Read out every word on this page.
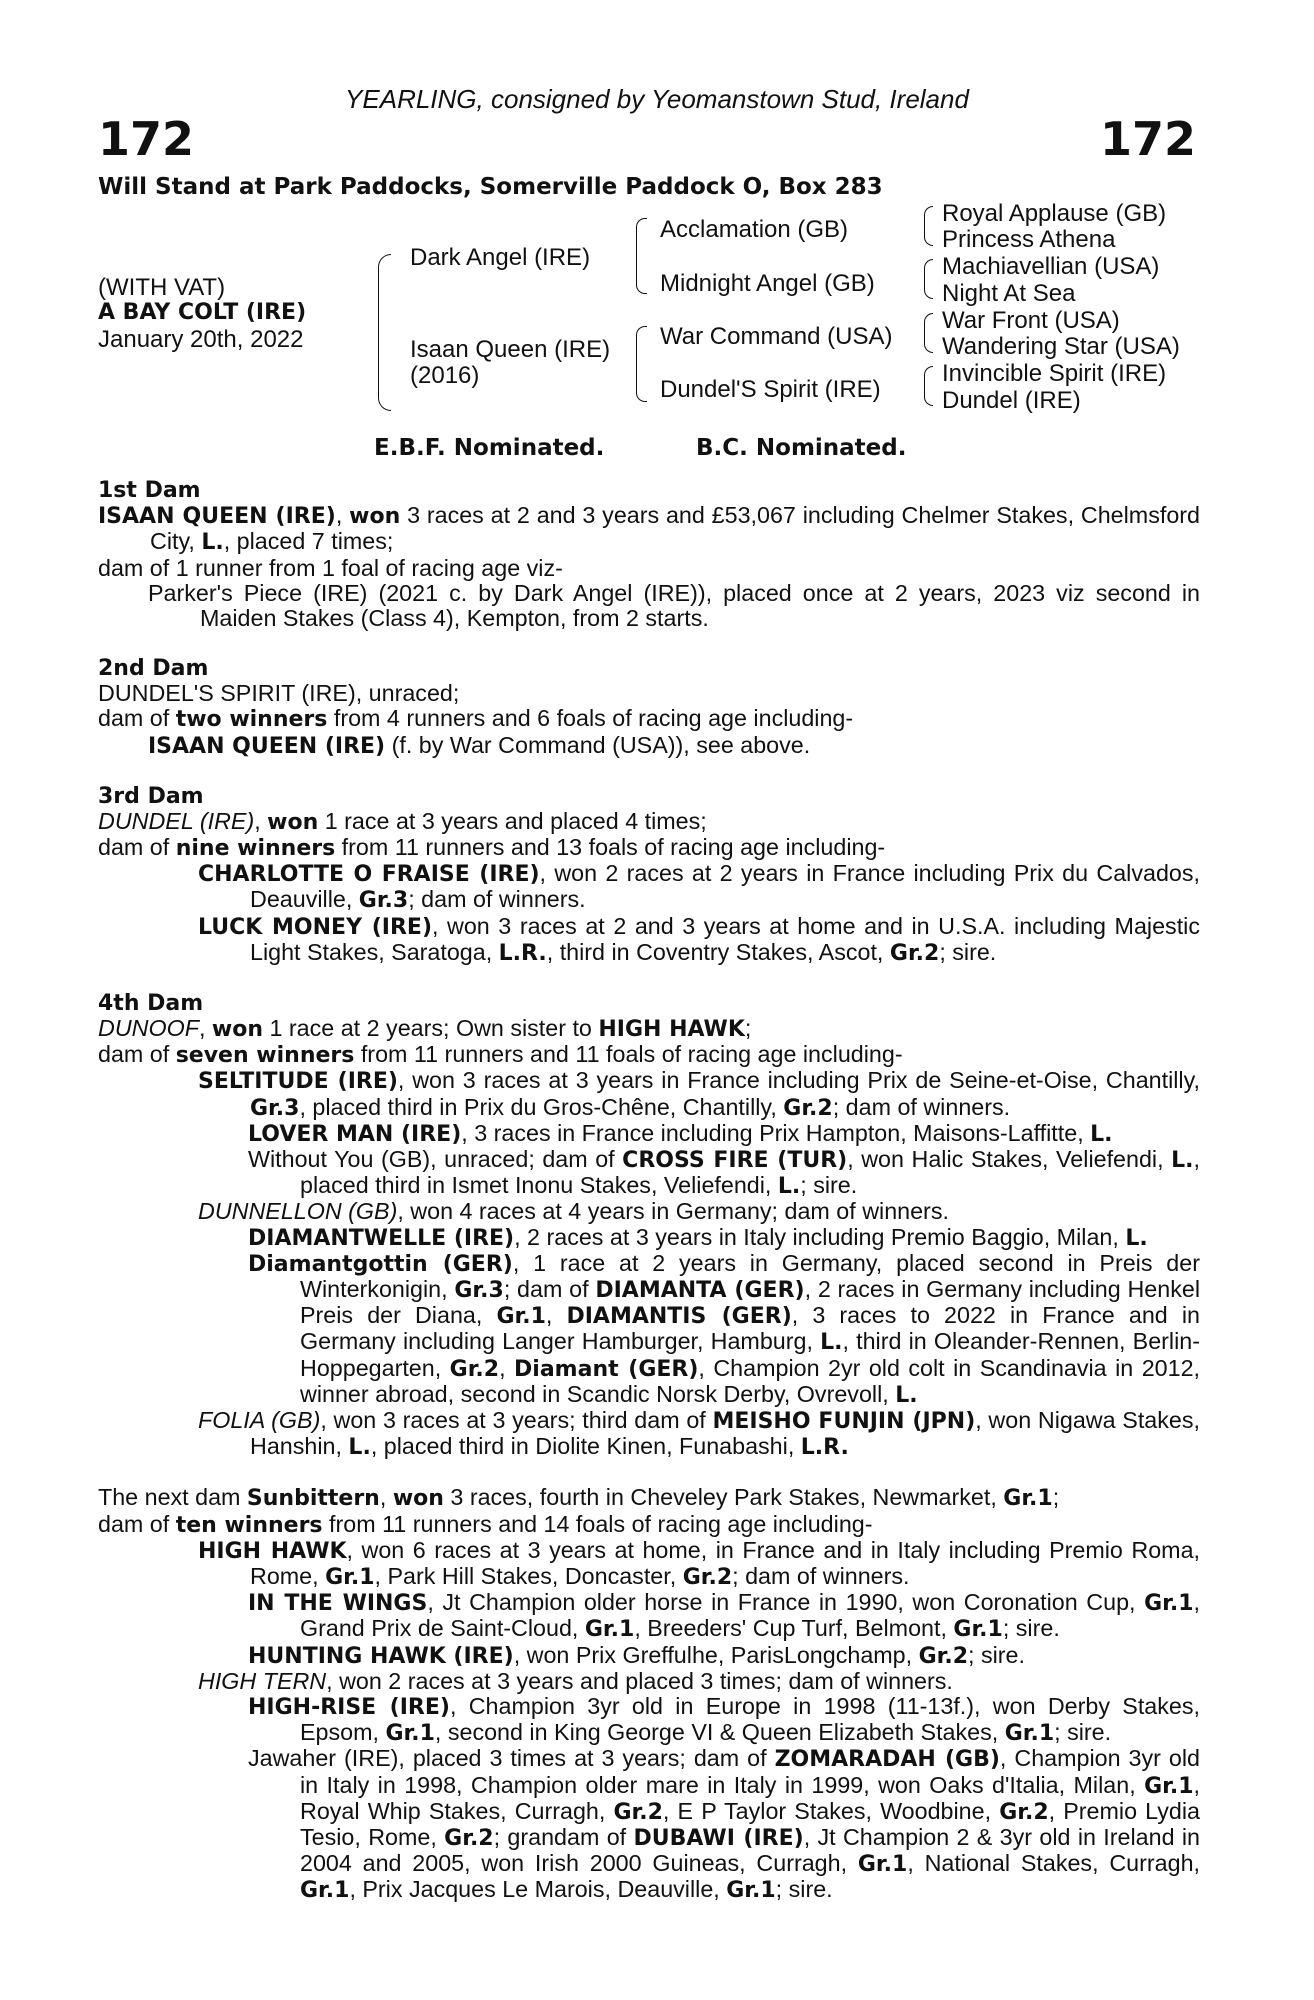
YEARLING, consigned by Yeomanstown Stud, Ireland
172	172
Will Stand at Park Paddocks, Somerville Paddock O, Box 283
(WITH VAT)
A BAY COLT (IRE)
January 20th, 2022
Dark Angel (IRE)
Isaan Queen (IRE)
(2016)
Acclamation (GB)
Midnight Angel (GB)
War Command (USA)
Dundel'S Spirit (IRE)
Royal Applause (GB)
Princess Athena
Machiavellian (USA)
Night At Sea
War Front (USA)
Wandering Star (USA)
Invincible Spirit (IRE)
Dundel (IRE)
E.B.F. Nominated.	B.C. Nominated.
1st Dam
ISAAN QUEEN (IRE), won 3 races at 2 and 3 years and £53,067 including Chelmer Stakes, Chelmsford City, L., placed 7 times;
dam of 1 runner from 1 foal of racing age viz-
Parker's Piece (IRE) (2021 c. by Dark Angel (IRE)), placed once at 2 years, 2023 viz second in Maiden Stakes (Class 4), Kempton, from 2 starts.
2nd Dam
DUNDEL'S SPIRIT (IRE), unraced;
dam of two winners from 4 runners and 6 foals of racing age including-
ISAAN QUEEN (IRE) (f. by War Command (USA)), see above.
3rd Dam
DUNDEL (IRE), won 1 race at 3 years and placed 4 times;
dam of nine winners from 11 runners and 13 foals of racing age including-
CHARLOTTE O FRAISE (IRE), won 2 races at 2 years in France including Prix du Calvados, Deauville, Gr.3; dam of winners.
LUCK MONEY (IRE), won 3 races at 2 and 3 years at home and in U.S.A. including Majestic Light Stakes, Saratoga, L.R., third in Coventry Stakes, Ascot, Gr.2; sire.
4th Dam
DUNOOF, won 1 race at 2 years; Own sister to HIGH HAWK;
dam of seven winners from 11 runners and 11 foals of racing age including-
SELTITUDE (IRE), won 3 races at 3 years in France including Prix de Seine-et-Oise, Chantilly, Gr.3, placed third in Prix du Gros-Chêne, Chantilly, Gr.2; dam of winners.
LOVER MAN (IRE), 3 races in France including Prix Hampton, Maisons-Laffitte, L.
Without You (GB), unraced; dam of CROSS FIRE (TUR), won Halic Stakes, Veliefendi, L., placed third in Ismet Inonu Stakes, Veliefendi, L.; sire.
DUNNELLON (GB), won 4 races at 4 years in Germany; dam of winners.
DIAMANTWELLE (IRE), 2 races at 3 years in Italy including Premio Baggio, Milan, L.
Diamantgottin (GER), 1 race at 2 years in Germany, placed second in Preis der Winterkonigin, Gr.3; dam of DIAMANTA (GER), 2 races in Germany including Henkel Preis der Diana, Gr.1, DIAMANTIS (GER), 3 races to 2022 in France and in Germany including Langer Hamburger, Hamburg, L., third in Oleander-Rennen, Berlin-Hoppegarten, Gr.2, Diamant (GER), Champion 2yr old colt in Scandinavia in 2012, winner abroad, second in Scandic Norsk Derby, Ovrevoll, L.
FOLIA (GB), won 3 races at 3 years; third dam of MEISHO FUNJIN (JPN), won Nigawa Stakes, Hanshin, L., placed third in Diolite Kinen, Funabashi, L.R.
The next dam Sunbittern, won 3 races, fourth in Cheveley Park Stakes, Newmarket, Gr.1;
dam of ten winners from 11 runners and 14 foals of racing age including-
HIGH HAWK, won 6 races at 3 years at home, in France and in Italy including Premio Roma, Rome, Gr.1, Park Hill Stakes, Doncaster, Gr.2; dam of winners.
IN THE WINGS, Jt Champion older horse in France in 1990, won Coronation Cup, Gr.1, Grand Prix de Saint-Cloud, Gr.1, Breeders' Cup Turf, Belmont, Gr.1; sire.
HUNTING HAWK (IRE), won Prix Greffulhe, ParisLongchamp, Gr.2; sire.
HIGH TERN, won 2 races at 3 years and placed 3 times; dam of winners.
HIGH-RISE (IRE), Champion 3yr old in Europe in 1998 (11-13f.), won Derby Stakes, Epsom, Gr.1, second in King George VI & Queen Elizabeth Stakes, Gr.1; sire.
Jawaher (IRE), placed 3 times at 3 years; dam of ZOMARADAH (GB), Champion 3yr old in Italy in 1998, Champion older mare in Italy in 1999, won Oaks d'Italia, Milan, Gr.1, Royal Whip Stakes, Curragh, Gr.2, E P Taylor Stakes, Woodbine, Gr.2, Premio Lydia Tesio, Rome, Gr.2; grandam of DUBAWI (IRE), Jt Champion 2 & 3yr old in Ireland in 2004 and 2005, won Irish 2000 Guineas, Curragh, Gr.1, National Stakes, Curragh, Gr.1, Prix Jacques Le Marois, Deauville, Gr.1; sire.
